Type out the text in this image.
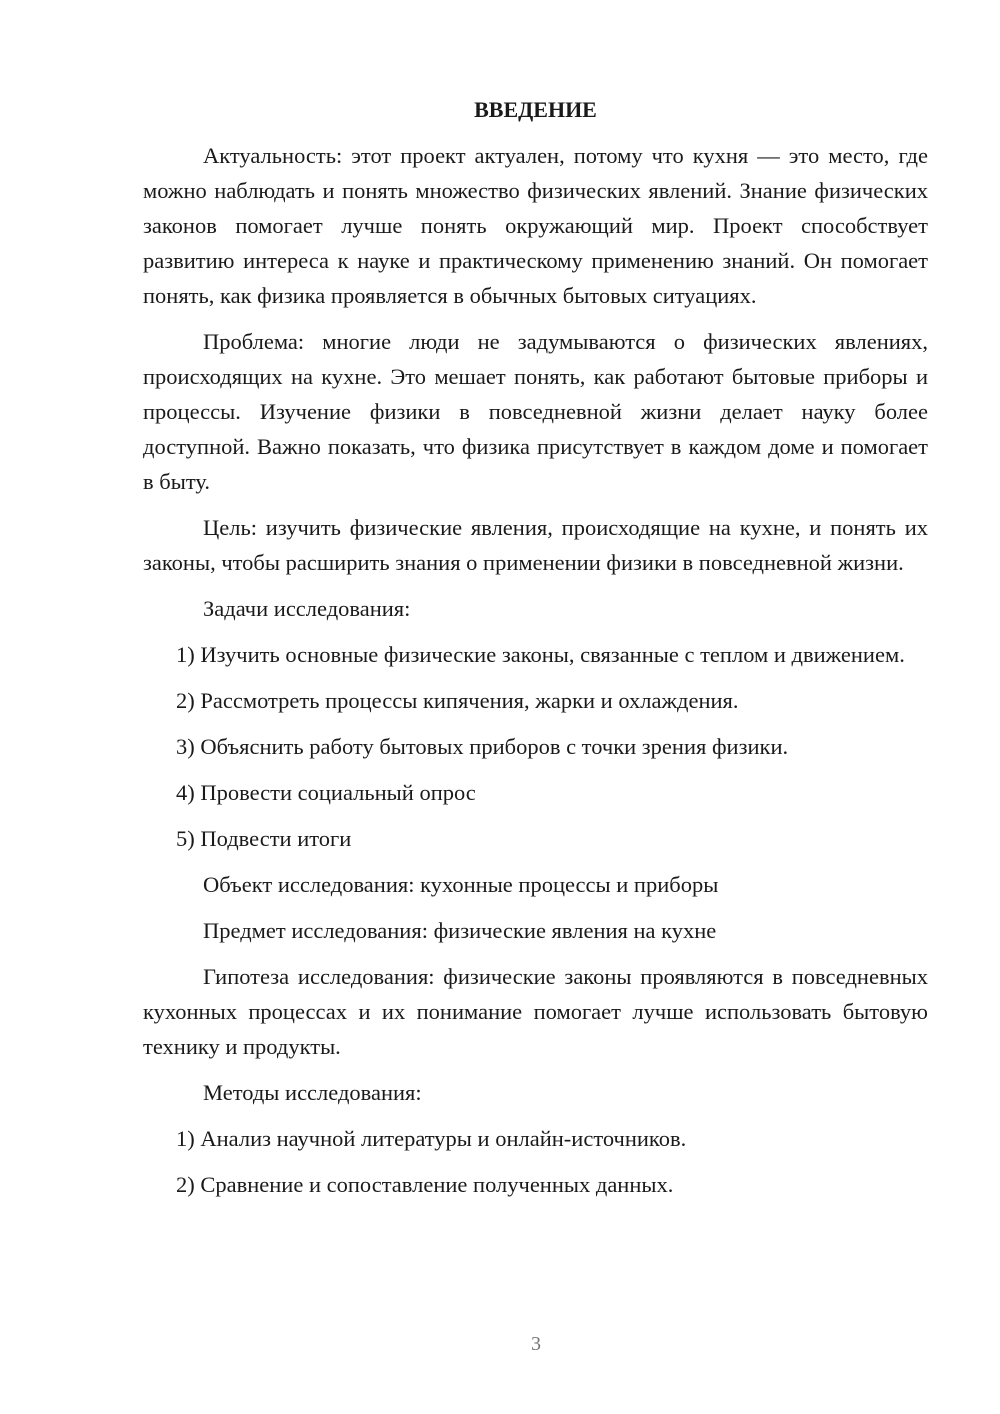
ВВЕДЕНИЕ

Актуальность: этот проект актуален, потому что кухня — это место, где можно наблюдать и понять множество физических явлений. Знание физических законов помогает лучше понять окружающий мир. Проект способствует развитию интереса к науке и практическому применению знаний. Он помогает понять, как физика проявляется в обычных бытовых ситуациях.

Проблема: многие люди не задумываются о физических явлениях, происходящих на кухне. Это мешает понять, как работают бытовые приборы и процессы. Изучение физики в повседневной жизни делает науку более доступной. Важно показать, что физика присутствует в каждом доме и помогает в быту.

Цель: изучить физические явления, происходящие на кухне, и понять их законы, чтобы расширить знания о применении физики в повседневной жизни.

Задачи исследования:

1) Изучить основные физические законы, связанные с теплом и движением.

2) Рассмотреть процессы кипячения, жарки и охлаждения.

3) Объяснить работу бытовых приборов с точки зрения физики.

4) Провести социальный опрос

5) Подвести итоги

Объект исследования: кухонные процессы и приборы

Предмет исследования: физические явления на кухне

Гипотеза исследования: физические законы проявляются в повседневных кухонных процессах и их понимание помогает лучше использовать бытовую технику и продукты.

Методы исследования:

1) Анализ научной литературы и онлайн-источников.

2) Сравнение и сопоставление полученных данных.

3
